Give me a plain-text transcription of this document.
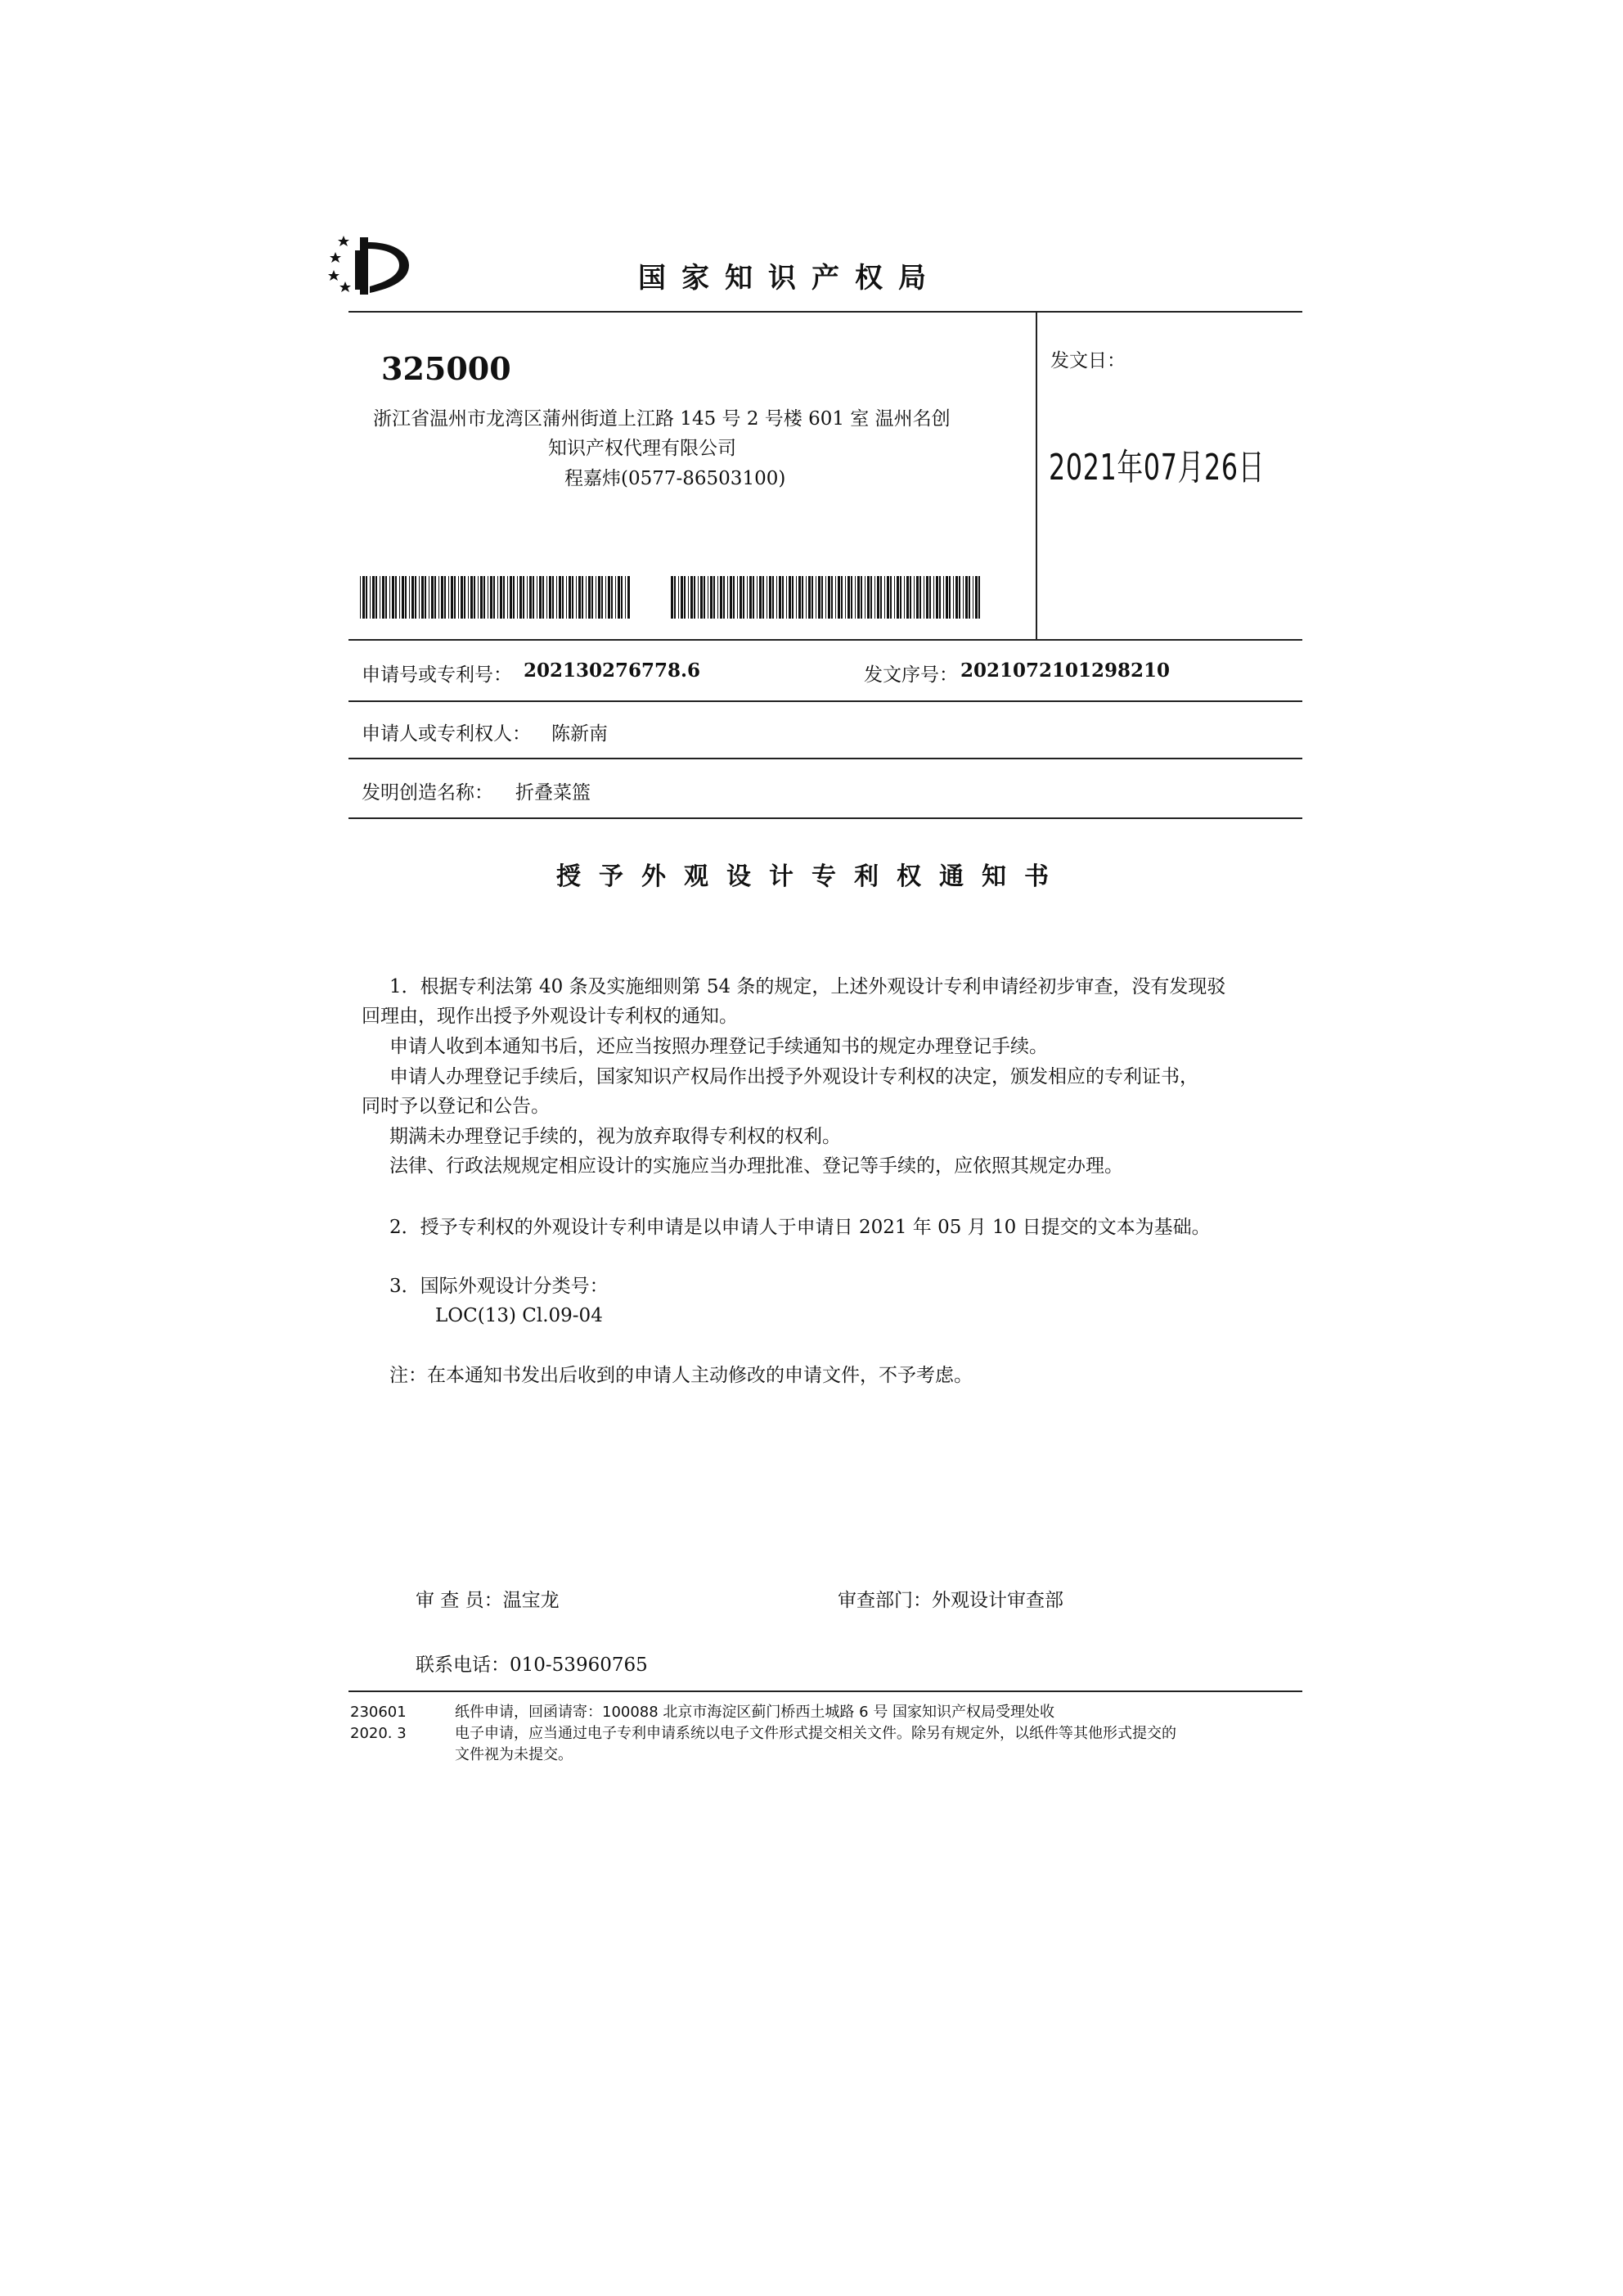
国家知识产权局
325000
浙江省温州市龙湾区蒲州街道上江路 145 号 2 号楼 601 室 温州名创
知识产权代理有限公司
程嘉炜(0577-86503100)
发文日：
2021年07月26日
申请号或专利号： 202130276778.6	发文序号： 2021072101298210
申请人或专利权人： 陈新南
发明创造名称： 折叠菜篮
授予外观设计专利权通知书
1．根据专利法第 40 条及实施细则第 54 条的规定，上述外观设计专利申请经初步审查，没有发现驳
回理由，现作出授予外观设计专利权的通知。
申请人收到本通知书后，还应当按照办理登记手续通知书的规定办理登记手续。
申请人办理登记手续后，国家知识产权局作出授予外观设计专利权的决定，颁发相应的专利证书，
同时予以登记和公告。
期满未办理登记手续的，视为放弃取得专利权的权利。
法律、行政法规规定相应设计的实施应当办理批准、登记等手续的，应依照其规定办理。
2．授予专利权的外观设计专利申请是以申请人于申请日 2021 年 05 月 10 日提交的文本为基础。
3．国际外观设计分类号：
LOC(13) Cl.09-04
注：在本通知书发出后收到的申请人主动修改的申请文件，不予考虑。
审 查 员：温宝龙	审查部门：外观设计审查部
联系电话：010-53960765
230601
2020. 3
纸件申请，回函请寄：100088 北京市海淀区蓟门桥西土城路 6 号 国家知识产权局受理处收
电子申请，应当通过电子专利申请系统以电子文件形式提交相关文件。除另有规定外，以纸件等其他形式提交的
文件视为未提交。
